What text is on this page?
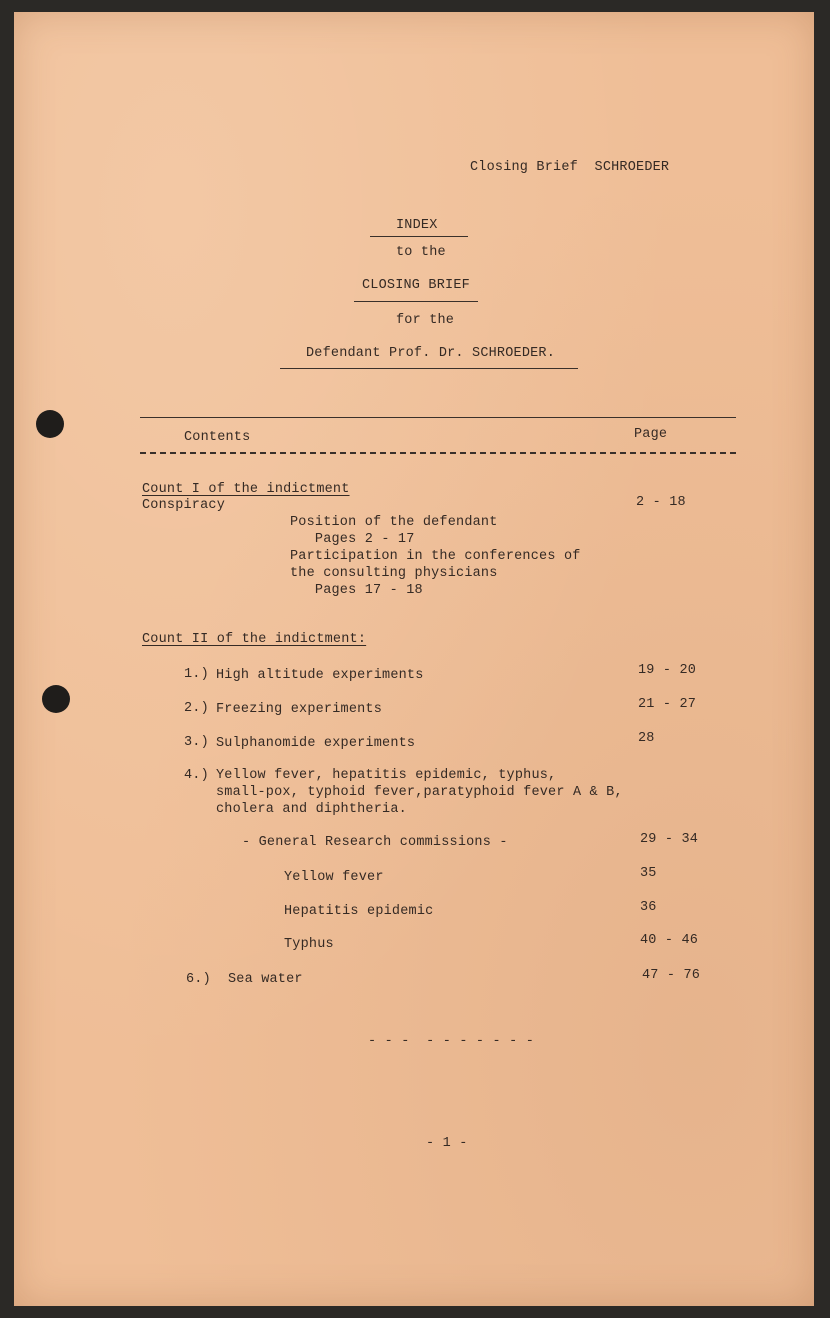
Closing Brief  SCHROEDER
INDEX
to the
CLOSING BRIEF
for the
Defendant Prof. Dr. SCHROEDER.
Contents	Page
Count I of the indictment
Conspiracy	2 - 18
Position of the defendant
Pages 2 - 17
Participation in the conferences of
the consulting physicians
Pages 17 - 18
Count II of the indictment:
1.) High altitude experiments	19 - 20
2.) Freezing experiments	21 - 27
3.) Sulphanomide experiments	28
4.) Yellow fever, hepatitis epidemic, typhus,
small-pox, typhoid fever,paratyphoid fever A & B,
cholera and diphtheria.
- General Research commissions -	29 - 34
Yellow fever	35
Hepatitis epidemic	36
Typhus	40 - 46
6.) Sea water	47 - 76
- - -  - - - - - - -
- 1 -
